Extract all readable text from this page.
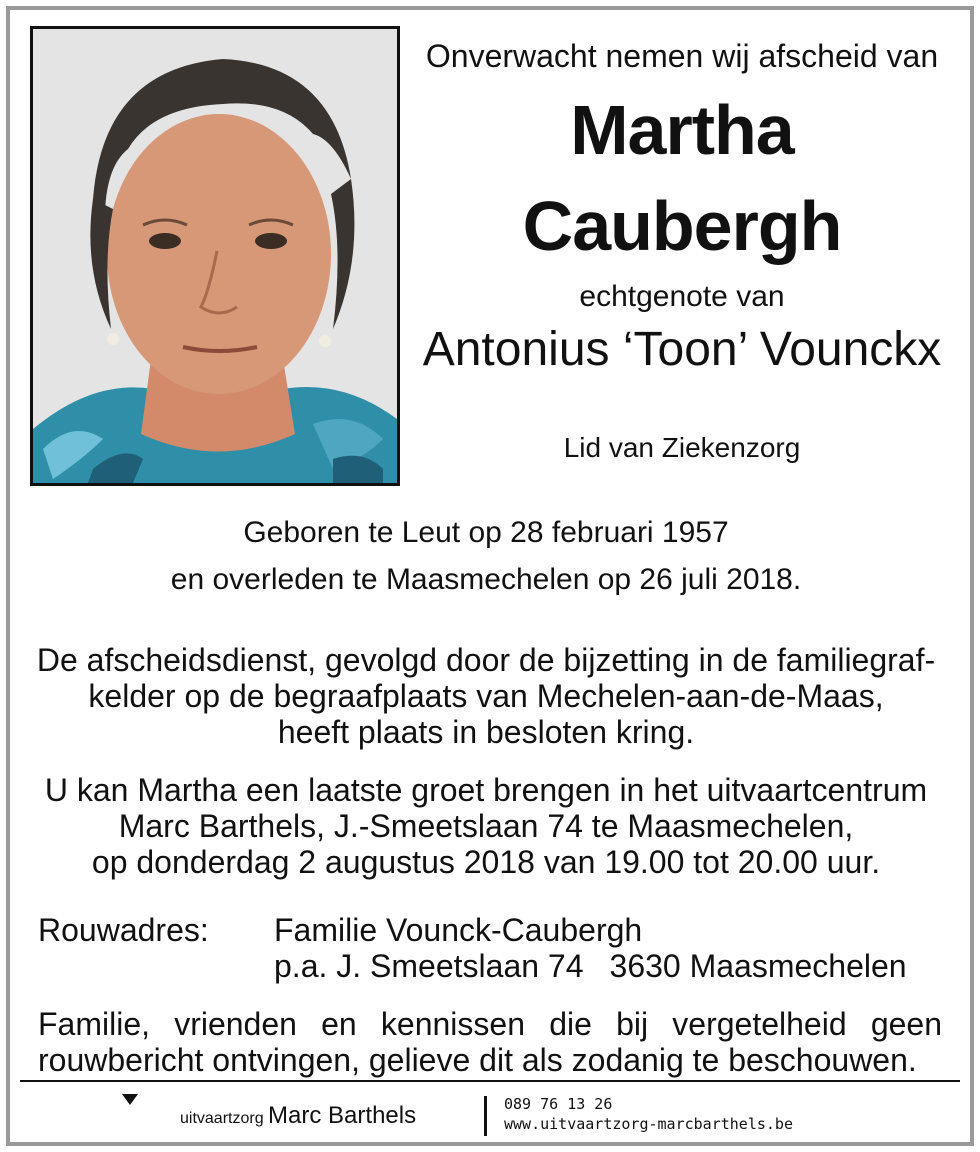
Onverwacht nemen wij afscheid van
Martha
Caubergh
echtgenote van
Antonius ‘Toon’ Vounckx
Lid van Ziekenzorg
Geboren te Leut op 28 februari 1957
en overleden te Maasmechelen op 26 juli 2018.
De afscheidsdienst, gevolgd door de bijzetting in de familiegraf-
kelder op de begraafplaats van Mechelen-aan-de-Maas,
heeft plaats in besloten kring.
U kan Martha een laatste groet brengen in het uitvaartcentrum
Marc Barthels, J.-Smeetslaan 74 te Maasmechelen,
op donderdag 2 augustus 2018 van 19.00 tot 20.00 uur.
Rouwadres: Familie Vounck-Caubergh
p.a. J. Smeetslaan 74 3630 Maasmechelen
Familie, vrienden en kennissen die bij vergetelheid geen rouwbericht ontvingen, gelieve dit als zodanig te beschouwen.
uitvaartzorg Marc Barthels	089 76 13 26
www.uitvaartzorg-marcbarthels.be
